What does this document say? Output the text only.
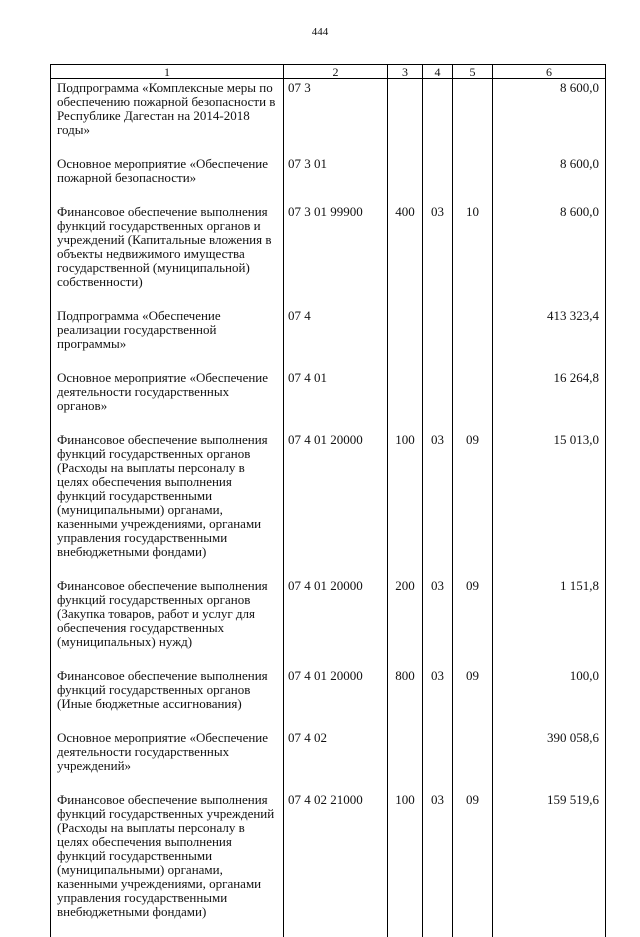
444
1	2	3	4	5	6
Подпрограмма «Комплексные меры по обеспечению пожарной безопасности в Республике Дагестан на 2014-2018 годы»	07 3				8 600,0
Основное мероприятие «Обеспечение пожарной безопасности»	07 3 01				8 600,0
Финансовое обеспечение выполнения функций государственных органов и учреждений (Капитальные вложения в объекты недвижимого имущества государственной (муниципальной) собственности)	07 3 01 99900	400	03	10	8 600,0
Подпрограмма «Обеспечение реализации государственной программы»	07 4				413 323,4
Основное мероприятие «Обеспечение деятельности государственных органов»	07 4 01				16 264,8
Финансовое обеспечение выполнения функций государственных органов (Расходы на выплаты персоналу в целях обеспечения выполнения функций государственными (муниципальными) органами, казенными учреждениями, органами управления государственными внебюджетными фондами)	07 4 01 20000	100	03	09	15 013,0
Финансовое обеспечение выполнения функций государственных органов (Закупка товаров, работ и услуг для обеспечения государственных (муниципальных) нужд)	07 4 01 20000	200	03	09	1 151,8
Финансовое обеспечение выполнения функций государственных органов (Иные бюджетные ассигнования)	07 4 01 20000	800	03	09	100,0
Основное мероприятие «Обеспечение деятельности государственных учреждений»	07 4 02				390 058,6
Финансовое обеспечение выполнения функций государственных учреждений (Расходы на выплаты персоналу в целях обеспечения выполнения функций государственными (муниципальными) органами, казенными учреждениями, органами управления государственными внебюджетными фондами)	07 4 02 21000	100	03	09	159 519,6
